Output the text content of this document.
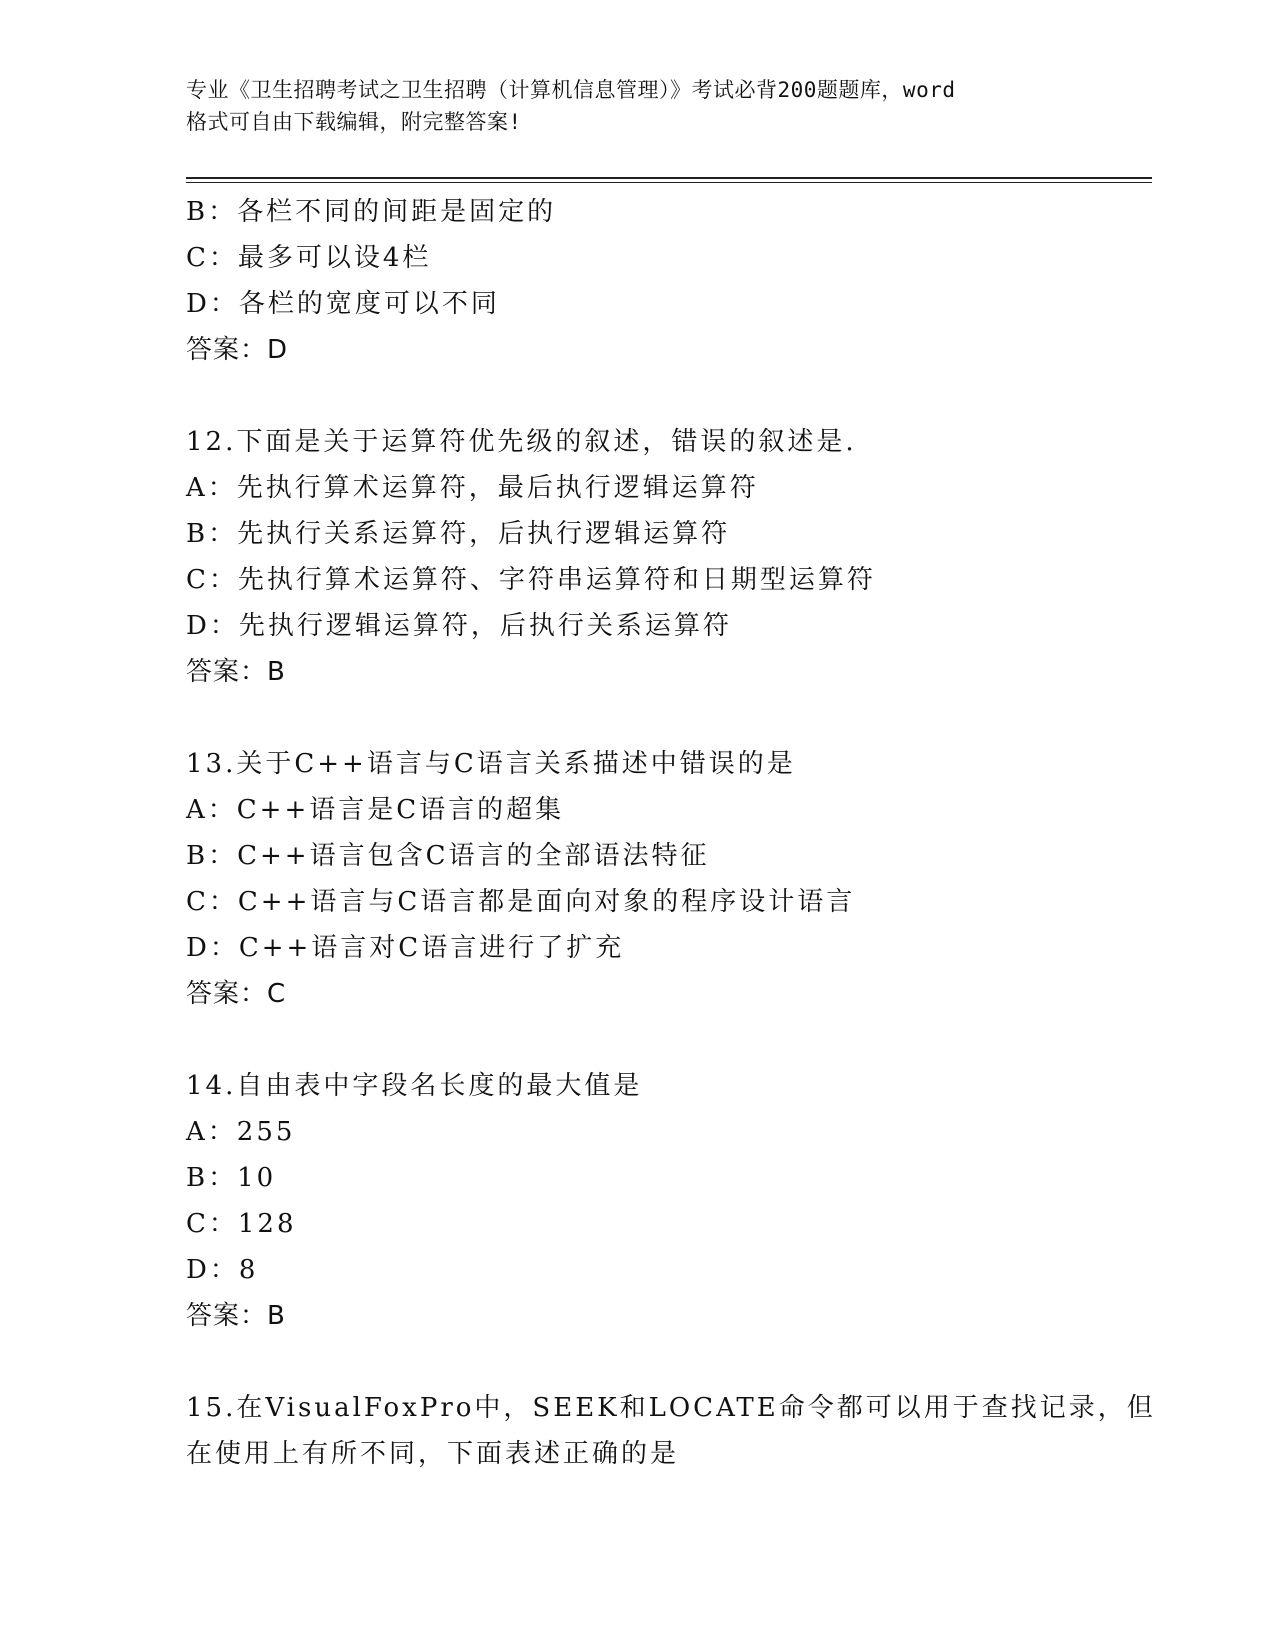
专业《卫生招聘考试之卫生招聘（计算机信息管理）》考试必背200题题库，word
格式可自由下载编辑，附完整答案!
B：各栏不同的间距是固定的
C：最多可以设4栏
D：各栏的宽度可以不同
答案：D
12.下面是关于运算符优先级的叙述，错误的叙述是.
A：先执行算术运算符，最后执行逻辑运算符
B：先执行关系运算符，后执行逻辑运算符
C：先执行算术运算符、字符串运算符和日期型运算符
D：先执行逻辑运算符，后执行关系运算符
答案：B
13.关于C++语言与C语言关系描述中错误的是
A：C++语言是C语言的超集
B：C++语言包含C语言的全部语法特征
C：C++语言与C语言都是面向对象的程序设计语言
D：C++语言对C语言进行了扩充
答案：C
14.自由表中字段名长度的最大值是
A：255
B：10
C：128
D：8
答案：B
15.在VisualFoxPro中，SEEK和LOCATE命令都可以用于查找记录，但
在使用上有所不同，下面表述正确的是
